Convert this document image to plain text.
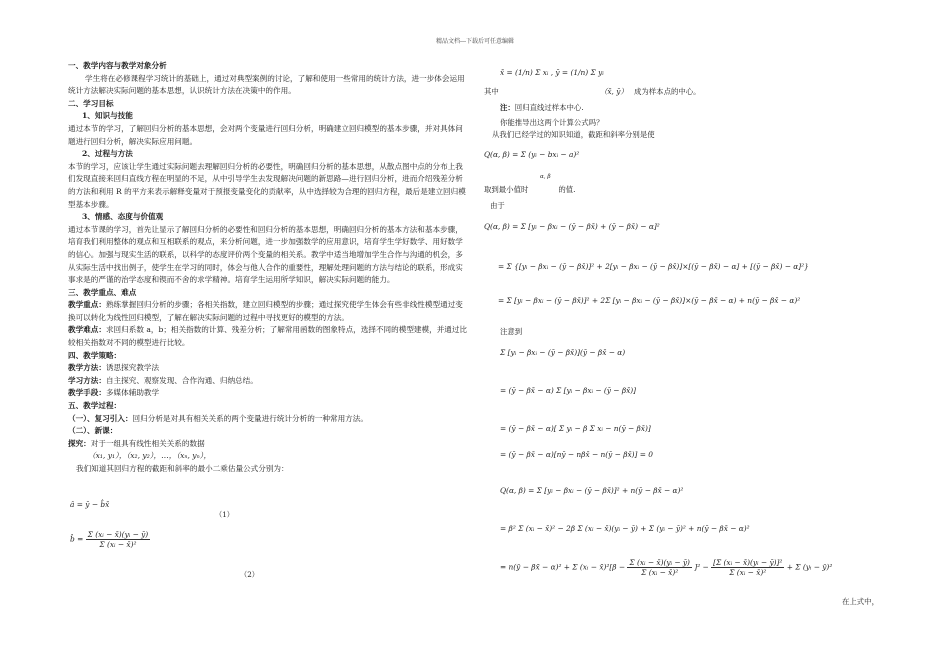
精品文档---下载后可任意编辑

一、教学内容与教学对象分析

学生将在必修课程学习统计的基础上，通过对典型案例的讨论，了解和使用一些常用的统计方法，进一步体会运用统计方法解决实际问题的基本思想，认识统计方法在决策中的作用。

二、学习目标

1、知识与技能

通过本节的学习，了解回归分析的基本思想，会对两个变量进行回归分析，明确建立回归模型的基本步骤，并对具体问题进行回归分析，解决实际应用问题。

2、过程与方法

本节的学习，应该让学生通过实际问题去理解回归分析的必要性，明确回归分析的基本思想，从散点图中点的分布上我们发现直接来回归直线方程在明显的不足，从中引导学生去发现解决问题的新思路—进行回归分析，进而介绍残差分析的方法和利用 R 的平方来表示解释变量对于预报变量变化的贡献率，从中选择较为合理的回归方程，最后是建立回归模型基本步骤。

3、情感、态度与价值观

通过本节课的学习，首先让显示了解回归分析的必要性和回归分析的基本思想，明确回归分析的基本方法和基本步骤，培育我们利用整体的观点和互相联系的观点，来分析问题，进一步加强数学的应用意识，培育学生学好数学、用好数学的信心。加强与现实生活的联系，以科学的态度评价两个变量的相关系。教学中适当地增加学生合作与沟通的机会，多从实际生活中找出例子，使学生在学习的同时，体会与他人合作的重要性，理解处理问题的方法与结论的联系，形成实事求是的严谨的治学态度和锲而不舍的求学精神。培育学生运用所学知识，解决实际问题的能力。

三、教学重点、难点

教学重点：熟练掌握回归分析的步骤；各相关指数，建立回归模型的步骤；通过探究使学生体会有些非线性模型通过变换可以转化为线性回归模型，了解在解决实际问题的过程中寻找更好的模型的方法。

教学难点：求回归系数 a，b；相关指数的计算、残差分析；了解常用函数的图象特点，选择不同的模型建模，并通过比较相关指数对不同的模型进行比较。

四、教学策略：

教学方法：诱思探究教学法

学习方法：自主探究、观察发现、合作沟通、归纳总结。

教学手段：多媒体辅助教学

五、教学过程：

（一）、复习引入：回归分析是对具有相关关系的两个变量进行统计分析的一种常用方法。

（二）、新课：

探究：对于一组具有线性相关关系的数据

（x₁, y₁），（x₂, y₂），…，（xₙ, yₙ），

我们知道其回归方程的截距和斜率的最小二乘估量公式分别为：

â = ȳ − b̂x̄
（1）
b̂ = $\frac{\text{Σ (xᵢ − x̄)(yᵢ − ȳ)}}{\text{Σ (xᵢ − x̄)²}}$
（2）
x̄ = (1/n) Σ xᵢ , ȳ = (1/n) Σ yᵢ
其中	（x̄, ȳ） 成为样本点的中心。
注：回归直线过样本中心.
你能推导出这两个计算公式吗？
从我们已经学过的知识知道，截距和斜率分别是使
Q(α, β) = Σ (yᵢ − bxᵢ − a)²
α, β
取到最小值时	的值.
由于
Q(α, β) = Σ [yᵢ − βxᵢ − (ȳ − βx̄) + (ȳ − βx̄) − α]²
= Σ {[yᵢ − βxᵢ − (ȳ − βx̄)]² + 2[yᵢ − βxᵢ − (ȳ − βx̄)]×[(ȳ − βx̄) − α] + [(ȳ − βx̄) − α]²}
= Σ [yᵢ − βxᵢ − (ȳ − βx̄)]² + 2Σ [yᵢ − βxᵢ − (ȳ − βx̄)]×(ȳ − βx̄ − α) + n(ȳ − βx̄ − α)²
注意到
Σ [yᵢ − βxᵢ − (ȳ − βx̄)](ȳ − βx̄ − α)
= (ȳ − βx̄ − α) Σ [yᵢ − βxᵢ − (ȳ − βx̄)]
= (ȳ − βx̄ − α)[ Σ yᵢ − β Σ xᵢ − n(ȳ − βx̄)]
= (ȳ − βx̄ − α)[nȳ − nβx̄ − n(ȳ − βx̄)] = 0
Q(α, β) = Σ [yᵢ − βxᵢ − (ȳ − βx̄)]² + n(ȳ − βx̄ − α)²
= β² Σ (xᵢ − x̄)² − 2β Σ (xᵢ − x̄)(yᵢ − ȳ) + Σ (yᵢ − ȳ)² + n(ȳ − βx̄ − α)²
= n(ȳ − βx̄ − α)² + Σ (xᵢ − x̄)²[β − $\frac{\text{Σ (xᵢ − x̄)(yᵢ − ȳ)}}{\text{Σ (xᵢ − x̄)²}} ]^2 - \frac{\text{[Σ (xᵢ − x̄)(yᵢ − ȳ)]²}}{\text{Σ (xᵢ − x̄)²}} + \Sigma$ (yᵢ − ȳ)²
在上式中，
